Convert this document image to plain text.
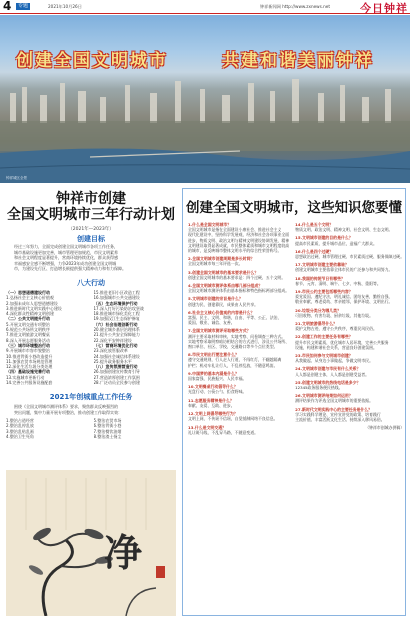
4	专题	2021年10月26日	钟祥新闻网 http://www.zxnews.net	今日钟祥
创建全国文明城市	共建和谐美丽钟祥
钟祥城区全景
钟祥市创建
全国文明城市三年行动计划
（2021年—2023年）
创建目标
经过三年努力，全面完成创建全国文明城市各项工作任务，
城市基础设施更加完善，城市管理更加规范，市民文明素养
和社会文明程度显著提升，营商环境持续优化，群众获得感
幸福感安全感不断增强，力争2023年成功创建全国文明城
市，为建设先行区、打造增长极提供强大精神动力和有力保障。
八大行动

（一）思想道德建设行动

1.弘扬社会主义核心价值观

2.加强未成年人思想道德建设

3.推进新时代文明实践中心建设

4.深化群众性精神文明创建

（二）公共文明提升行动

5.开展文明交通专项整治

6.规范公共场所文明秩序

7.推进文明旅游文明餐桌

8.深入开展志愿服务活动

（三）城市环境整治行动

9.开展城市市容市貌整治

10.推进背街小巷改造提升

11.加强农贸市场规范管理

12.深化生活垃圾分类处理

（四）基础设施完善行动

13.实施城市更新行动

14.完善公共服务设施配套

15.推进老旧小区改造工程

16.加强城市公共交通建设

（五）生态环境保护行动

17.深入打好污染防治攻坚战

18.推进城市绿化美化工程

19.加强汉江生态保护修复

（六）社会治理创新行动

20.健全城乡基层治理体系

21.提升公共安全保障能力

22.深化平安钟祥建设

（七）营商环境优化行动

23.深化放管服改革

24.加强社会诚信体系建设

25.提升政务服务水平

（八）宣传氛围营造行动

26.加强创建宣传教育引导

27.营造浓厚创建工作氛围

28.广泛动员全民参与创建

2021年创城重点工作任务
围绕《全国文明城市测评体系》要求，聚焦群众反映强烈的
突出问题，集中力量开展专项整治，推动创建工作取得实效：

1.整治占道经营

2.整治乱停乱放

3.整治乱贴乱画

4.整治卫生死角

5.整治农贸市场

6.整治背街小巷

7.整治餐饮油烟

8.整治渣土扬尘

净
创建全国文明城市，这些知识您要懂

1.什么是全国文明城市？

全国文明城市是指在全面建设小康社会、推进社会主义

现代化建设中，坚持科学发展观，经济和社会各项事业全面

进步，物质文明、政治文明与精神文明建设协调发展，精神

文明建设取得显著成就，市民整体素质和城市文明程度较高

的城市，是反映城市整体文明水平的综合性荣誉称号。

2.全国文明城市创建周期是多长时间？

全国文明城市每三年评选一次。

3.创建全国文明城市的基本要求是什么？

创建全国文明城市的基本要求是：四个过硬、五个文明。

4.全国文明城市测评体系由哪几部分组成？

全国文明城市测评体系由基本指标和特色指标两部分组成。

5.文明城市创建的宗旨是什么？

创建为民、创建靠民，成果由人民共享。

6.社会主义核心价值观的内容是什么？

富强、民主、文明、和谐，自由、平等、公正、法治，

爱国、敬业、诚信、友善。

7.全国文明城市测评采取哪些方式？

测评主要采取材料审核、实地考察、问卷调查三种方式。

实地考察采取明察暗访相结合的方式进行，涉及公共场所、

窗口单位、社区、学校、交通路口等多个点位类型。

8.市民文明出行要注意什么？

遵守交通规则，行人走人行道，不闯红灯，不翻越隔离

护栏；机动车礼让行人，不乱停乱放，不随意鸣笛。

9.中国梦的基本内涵是什么？

国家富强、民族振兴、人民幸福。

10.文明餐桌行动倡导什么？

光盘行动、公筷公勺、拒食野味。

11.志愿服务精神是什么？

奉献、友爱、互助、进步。

12.文明上网倡导哪些行为？

文明上网，不传谣不信谣，自觉抵制网络不良信息。

13.什么是文明交通？

礼让斑马线，不乱穿马路，不随意变道。

14.什么是五个文明？

物质文明、政治文明、精神文明、社会文明、生态文明。

15.文明城市创建的目的是什么？

提高市民素质，提升城市品位，造福广大群众。

16.什么是四个过硬？

思想政治过硬、城市管理过硬、市民素质过硬、服务保障过硬。

17.文明城市创建主要依靠谁？

创建文明城市主要依靠全体市民的广泛参与和共同努力。

18.我国的传统节日有哪些？

春节、元宵、清明、端午、七夕、中秋、重阳等。

19.市民公约主要包括哪些内容？

爱党爱国、遵纪守法，明礼诚信、团结友善，勤俭自强、

敬业奉献，尊老爱幼、孝亲睦邻，保护环境、文明出行。

20.垃圾分类分为哪几类？

可回收物、有害垃圾、厨余垃圾、其他垃圾。

21.文明旅游倡导什么？

爱护文物古迹，遵守公共秩序，尊重民风民俗。

22.创建工作的主要任务有哪些？

提升市民文明素质，优化城市人居环境，完善公共服务

设施，构建和谐社会关系，营造良好创建氛围。

23.市民如何参与文明城市创建？

从我做起、从身边小事做起，争做文明市民。

24.文明城市创建与市民有什么关系？

人人都是创建主体，人人都是创建受益者。

25.创建文明城市的热线电话是多少？

12345政务服务便民热线。

26.文明城市测评结果如何运用？

测评结果作为评选全国文明城市的重要依据。

27.新时代文明实践中心的主要任务是什么？

学习实践科学理论、宣传宣讲党的政策、培育践行

主流价值、丰富活跃文化生活、持续深入移风易俗。

（钟祥市创城办供稿）
